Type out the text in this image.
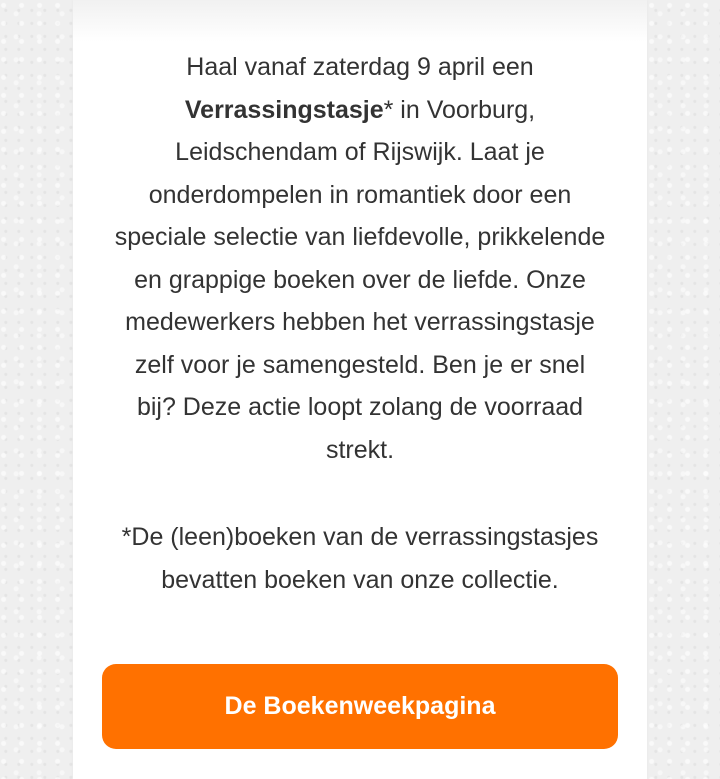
Haal vanaf zaterdag 9 april een
Verrassingstasje* in Voorburg, Leidschendam of Rijswijk. Laat je onderdompelen in romantiek door een speciale selectie van liefdevolle, prikkelende en grappige boeken over de liefde. Onze medewerkers hebben het verrassingstasje zelf voor je samengesteld. Ben je er snel bij? Deze actie loopt zolang de voorraad strekt.

*De (leen)boeken van de verrassingstasjes bevatten boeken van onze collectie.

De Boekenweekpagina
